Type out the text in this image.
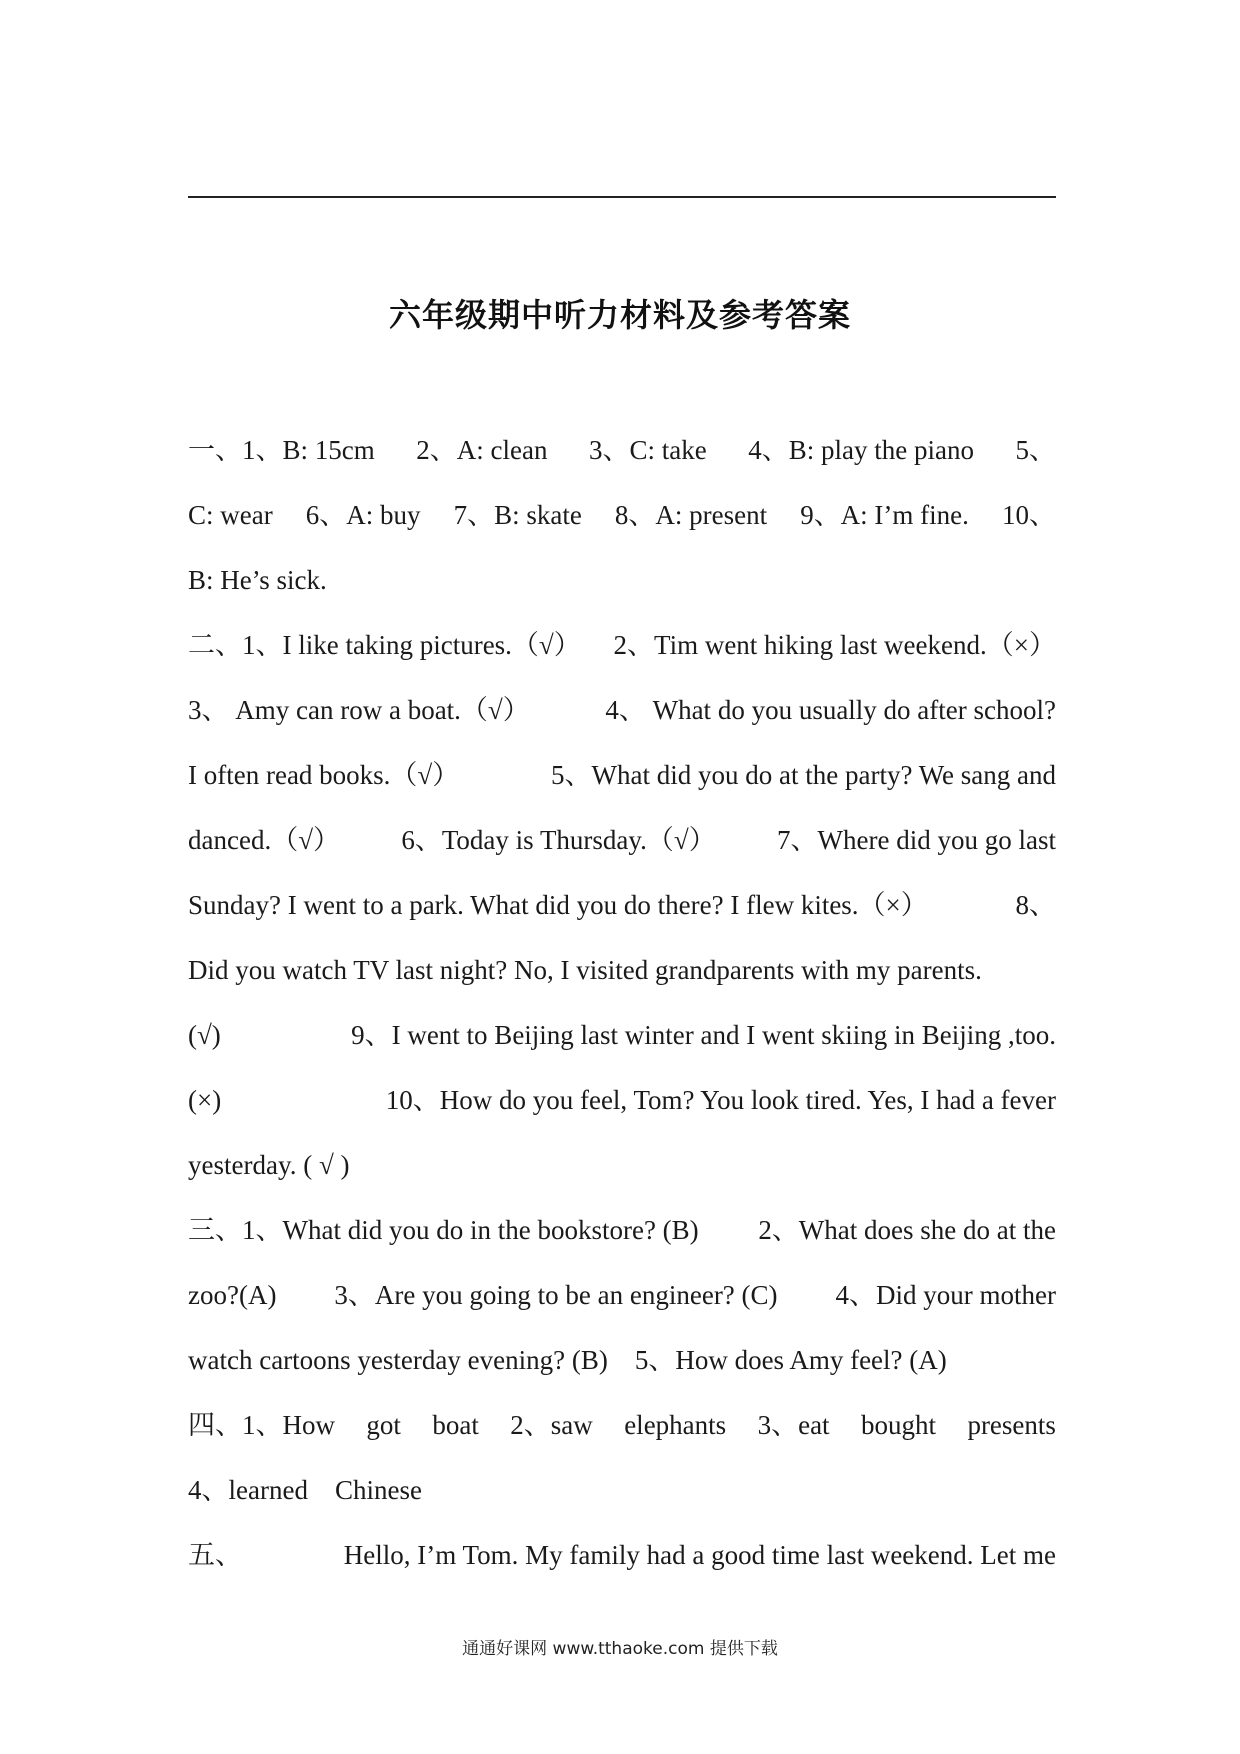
六年级期中听力材料及参考答案
一、1、B: 15cm 2、A: clean 3、C: take 4、B: play the piano 5、
C: wear 6、A: buy 7、B: skate 8、A: present 9、A: I’m fine. 10、
B: He’s sick.
二、1、I like taking pictures.（√） 2、Tim went hiking last weekend.（×）
3、 Amy can row a boat.（√）	4、 What do you usually do after school?
I often read books.（√）	5、What did you do at the party? We sang and
danced.（√） 6、Today is Thursday.（√） 7、Where did you go last
Sunday? I went to a park. What did you do there? I flew kites.（×）	8、
Did you watch TV last night? No, I visited grandparents with my parents.
(√)	9、I went to Beijing last winter and I went skiing in Beijing ,too.
(×)	10、How do you feel, Tom? You look tired. Yes, I had a fever
yesterday. ( √ )
三、1、What did you do in the bookstore? (B) 2、What does she do at the
zoo?(A) 3、Are you going to be an engineer? (C) 4、Did your mother
watch cartoons yesterday evening? (B)    5、How does Amy feel? (A)
四、1、How got boat 2、saw elephants 3、eat bought presents
4、learned    Chinese
五、	Hello, I’m Tom. My family had a good time last weekend. Let me
通通好课网 www.tthaoke.com 提供下载
